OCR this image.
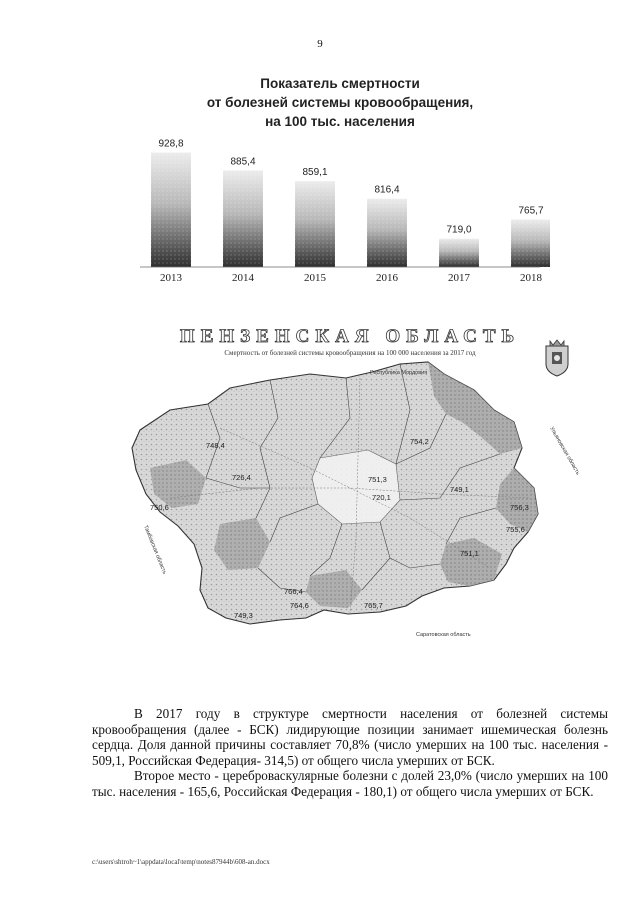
9
Показатель смертности
от болезней системы кровообращения,
на 100 тыс. населения
928,8
2013
885,4
2014
859,1
2015
816,4
2016
719,0
2017
765,7
2018
Республика Мордовия
Саратовская область
Ульяновская область
Тамбовская область
748,4
726,4
750,6
751,3
720,1
749,1
756,3
754,2
755,6
751,1
766,4
764,6
749,3
765,7
ПЕНЗЕНСКАЯ ОБЛАСТЬ
Смертность от болезней системы кровообращения на 100 000 населения за 2017 год

В 2017 году в структуре смертности населения от болезней системы кровообращения (далее - БСК) лидирующие позиции занимает ишемическая болезнь сердца. Доля данной причины составляет 70,8% (число умерших на 100 тыс. населения - 509,1, Российская Федерация- 314,5) от общего числа умерших от БСК.

Второе место - цереброваскулярные болезни с долей 23,0% (число умерших на 100 тыс. населения - 165,6, Российская Федерация - 180,1) от общего числа умерших от БСК.

c:\users\shtroh~1\appdata\local\temp\notes87944b\608-an.docx
